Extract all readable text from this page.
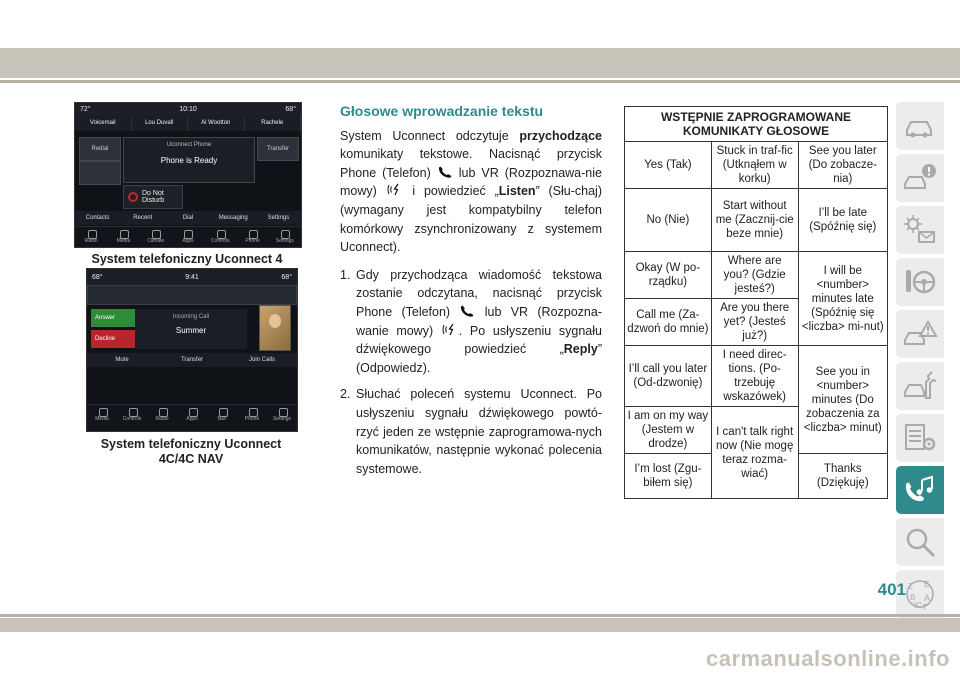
72°	10:10	68°
Voicemail	Lou Duvall	Al Wootton	Rachele
Redial
Uconnect Phone
Phone is Ready
Transfer
Do Not Disturb
Contacts	Recent	Dial	Messaging	Settings
Radio	Media	Climate	Apps	Controls	Phone	Settings
System telefoniczny Uconnect 4
68°	9:41	68°
Answer
Decline
Incoming Call
Summer
Mute	Transfer	Join Calls
Media	Controls	Radio	Apps	Nav	Phone	Settings
System telefoniczny Uconnect
4C/4C NAV
Głosowe wprowadzanie tekstu
System Uconnect odczytuje przychodzące komunikaty tekstowe. Nacisnąć przycisk Phone (Telefon)  lub VR (Rozpoznawa-nie mowy)  i powiedzieć „Listen” (Słu-chaj) (wymagany jest kompatybilny telefon komórkowy zsynchronizowany z systemem Uconnect).
1. Gdy przychodząca wiadomość tekstowa zostanie odczytana, nacisnąć przycisk Phone (Telefon)  lub VR (Rozpozna-wanie mowy) . Po usłyszeniu sygnału dźwiękowego powiedzieć „Reply” (Odpowiedz).
2. Słuchać poleceń systemu Uconnect. Po usłyszeniu sygnału dźwiękowego powtó-rzyć jeden ze wstępnie zaprogramowa-nych komunikatów, następnie wykonać polecenia systemowe.
WSTĘPNIE ZAPROGRAMOWANE KOMUNIKATY GŁOSOWE		
Yes (Tak)	Stuck in traf-fic (Utknąłem w korku)	See you later (Do zobacze-nia)
No (Nie)	Start without me (Zacznij-cie beze mnie)	I’ll be late (Spóźnię się)
Okay (W po-rządku)	Where are you? (Gdzie jesteś?)	I will be <number> minutes late (Spóźnię się <liczba> mi-nut)
Call me (Za-dzwoń do mnie)	Are you there yet? (Jesteś już?)	
I’ll call you later (Od-dzwonię)	I need direc-tions. (Po-trzebuję wskazówek)	See you in <number> minutes (Do zobaczenia za <liczba> minut)
I am on my way (Jestem w drodze)	I can't talk right now (Nie mogę teraz rozma-wiać)	
I’m lost (Zgu-biłem się)		Thanks (Dziękuję)
Z E
B A
IC T
401
carmanualsonline.info
